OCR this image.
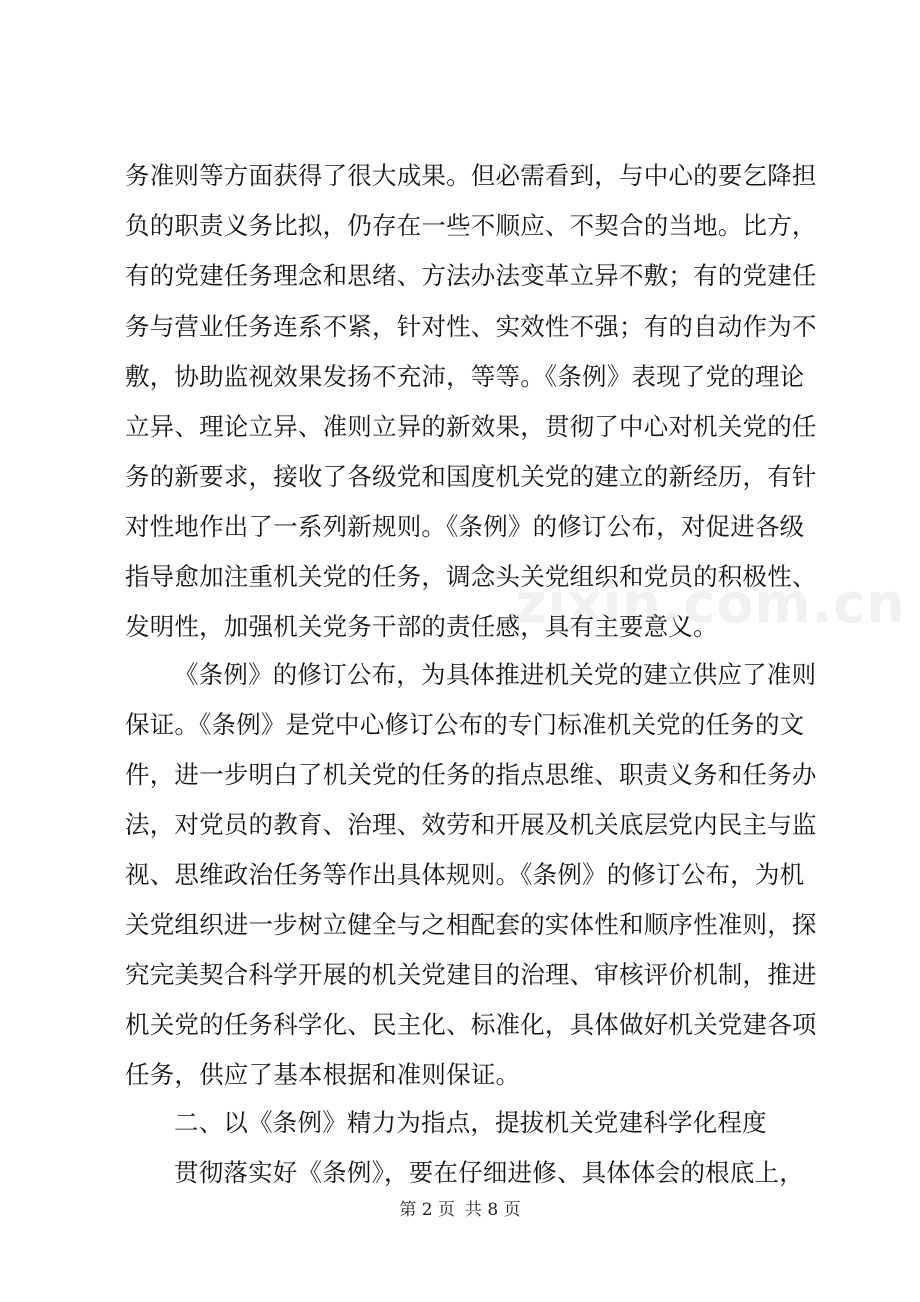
zixin.com.cn
务准则等方面获得了很大成果。但必需看到，与中心的要乞降担
负的职责义务比拟，仍存在一些不顺应、不契合的当地。比方，
有的党建任务理念和思绪、方法办法变革立异不敷；有的党建任
务与营业任务连系不紧，针对性、实效性不强；有的自动作为不
敷，协助监视效果发扬不充沛，等等。《条例》表现了党的理论
立异、理论立异、准则立异的新效果，贯彻了中心对机关党的任
务的新要求，接收了各级党和国度机关党的建立的新经历，有针
对性地作出了一系列新规则。《条例》的修订公布，对促进各级
指导愈加注重机关党的任务，调念头关党组织和党员的积极性、
发明性，加强机关党务干部的责任感，具有主要意义。
《条例》的修订公布，为具体推进机关党的建立供应了准则
保证。《条例》是党中心修订公布的专门标准机关党的任务的文
件，进一步明白了机关党的任务的指点思维、职责义务和任务办
法，对党员的教育、治理、效劳和开展及机关底层党内民主与监
视、思维政治任务等作出具体规则。《条例》的修订公布，为机
关党组织进一步树立健全与之相配套的实体性和顺序性准则，探
究完美契合科学开展的机关党建目的治理、审核评价机制，推进
机关党的任务科学化、民主化、标准化，具体做好机关党建各项
任务，供应了基本根据和准则保证。
二、以《条例》精力为指点，提拔机关党建科学化程度
贯彻落实好《条例》，要在仔细进修、具体体会的根底上，
第 2 页 共 8 页
